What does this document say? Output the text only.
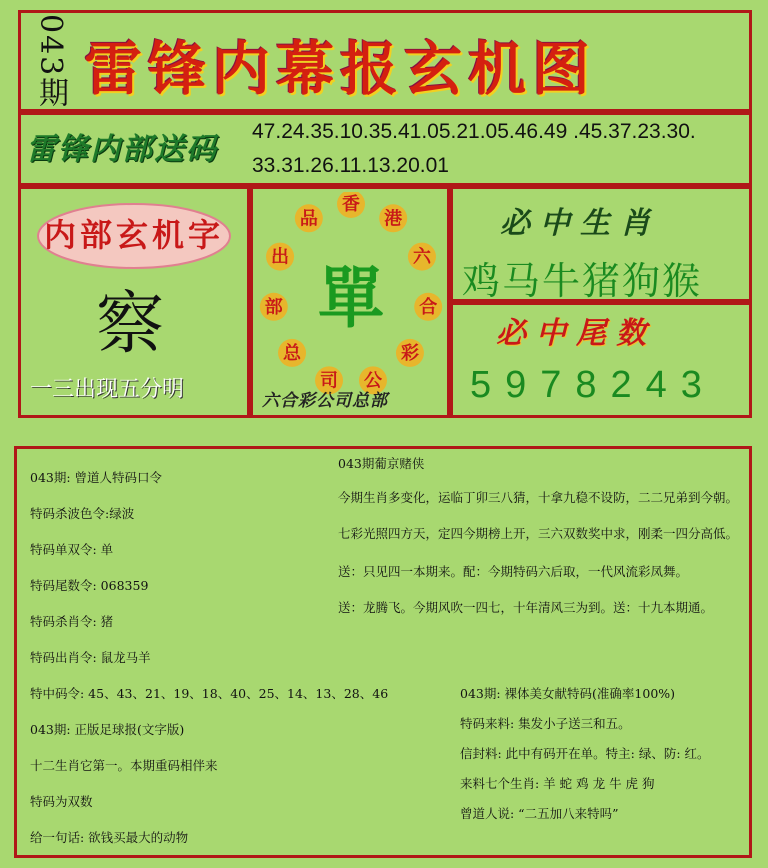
043期 雷锋内幕报玄机图
雷锋内部送码
47.24.35.10.35.41.05.21.05.46.49 .45.37.23.30.
33.31.26.11.13.20.01
内部玄机字
察
一三出现五分明
香
港
六
合
彩
公
司
总
部
出
品
單
六合彩公司总部
必中生肖
鸡马牛猪狗猴
必中尾数
5978243
043期: 曾道人特码口令
特码杀波色令:绿波
特码单双令: 单
特码尾数令: 068359
特码杀肖令: 猪
特码出肖令: 鼠龙马羊
特中码令: 45、43、21、19、18、40、25、14、13、28、46
043期: 正版足球报(文字版)
十二生肖它第一。本期重码相伴来
特码为双数
给一句话: 欲钱买最大的动物
043期葡京赌侠
今期生肖多变化，运临丁卯三八猜，十拿九稳不设防，二二兄弟到今朝。
七彩光照四方天，定四今期榜上开，三六双数奖中求，刚柔一四分高低。
送：只见四一本期来。配：今期特码六后取，一代风流彩凤舞。
送：龙腾飞。今期风吹一四七，十年清风三为到。送：十九本期通。
043期: 裸体美女献特码(准确率100%)
特码来料: 集发小子送三和五。
信封料: 此中有码开在单。特主: 绿、防: 红。
来料七个生肖: 羊 蛇 鸡 龙 牛 虎 狗
曾道人说: “二五加八来特吗”
